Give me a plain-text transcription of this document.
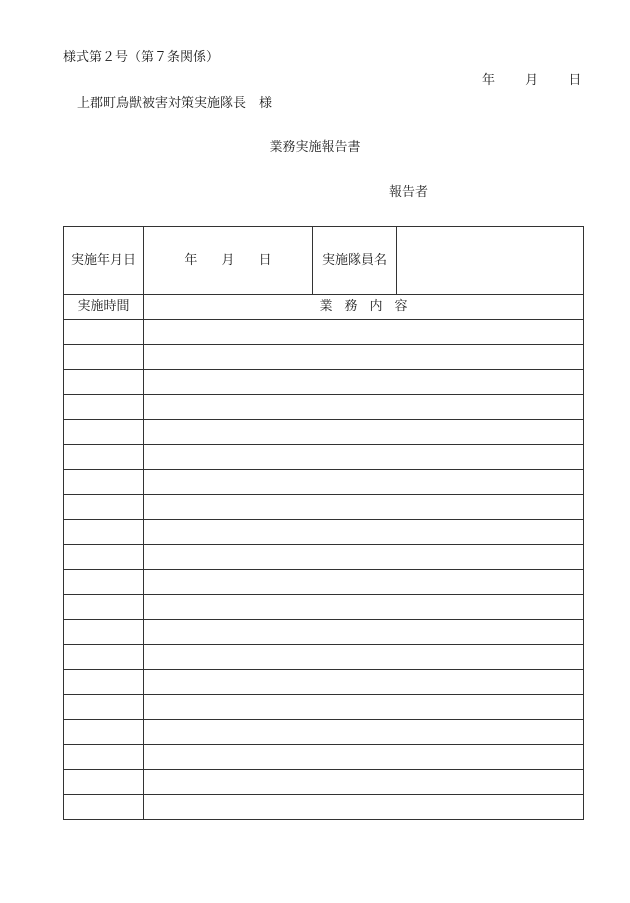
様式第２号（第７条関係）
年 月 日
上郡町鳥獣被害対策実施隊長　様
業務実施報告書
報告者
実施年月日	年 月 日	実施隊員名	
実施時間	業 務 内 容		
